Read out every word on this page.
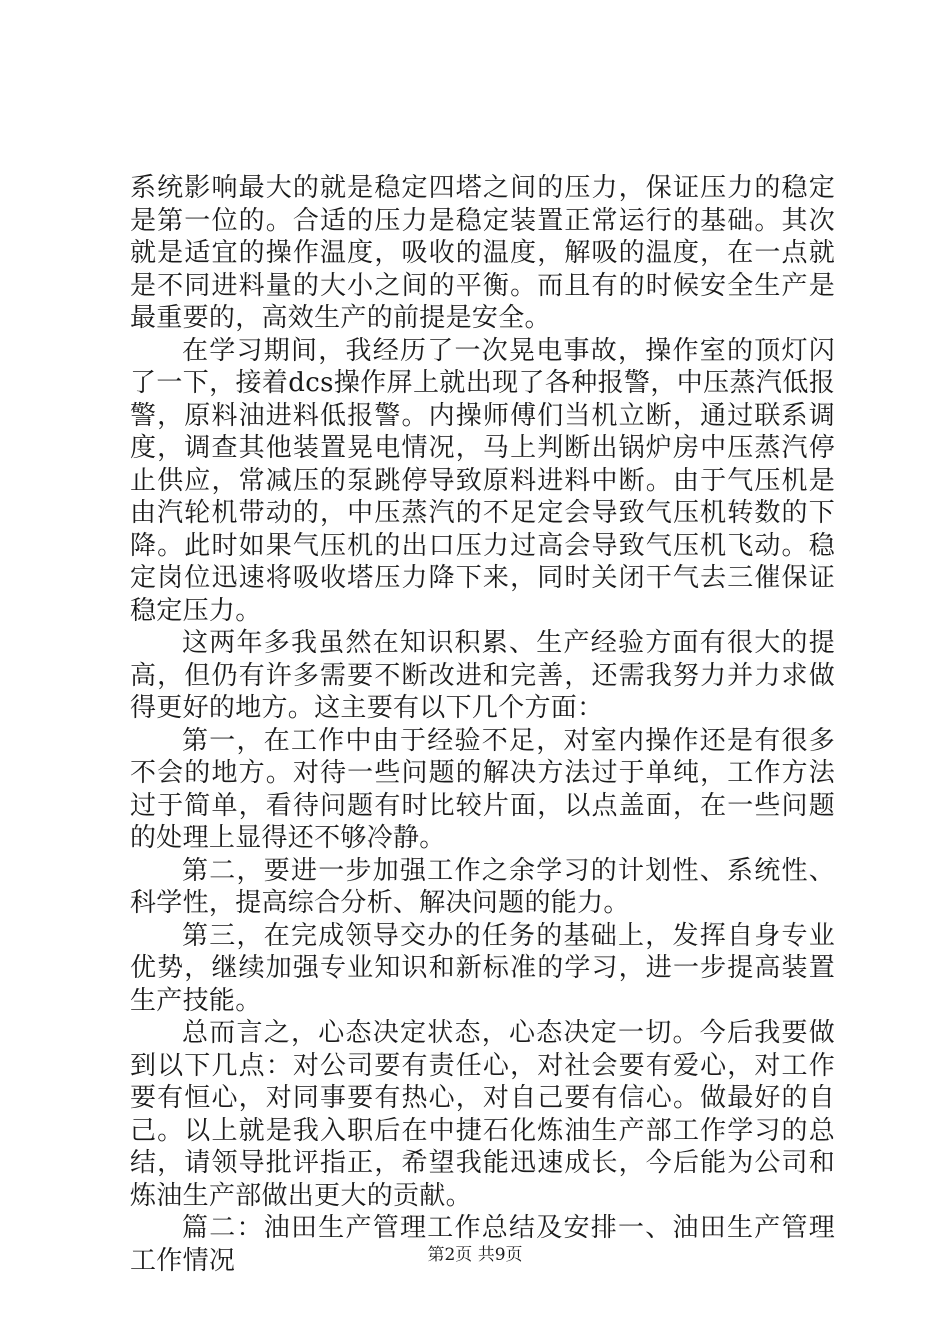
系统影响最大的就是稳定四塔之间的压力，保证压力的稳定是第一位的。合适的压力是稳定装置正常运行的基础。其次就是适宜的操作温度，吸收的温度，解吸的温度，在一点就是不同进料量的大小之间的平衡。而且有的时候安全生产是最重要的，高效生产的前提是安全。

在学习期间，我经历了一次晃电事故，操作室的顶灯闪了一下，接着dcs操作屏上就出现了各种报警，中压蒸汽低报警，原料油进料低报警。内操师傅们当机立断，通过联系调度，调查其他装置晃电情况，马上判断出锅炉房中压蒸汽停止供应，常减压的泵跳停导致原料进料中断。由于气压机是由汽轮机带动的，中压蒸汽的不足定会导致气压机转数的下降。此时如果气压机的出口压力过高会导致气压机飞动。稳定岗位迅速将吸收塔压力降下来，同时关闭干气去三催保证稳定压力。

这两年多我虽然在知识积累、生产经验方面有很大的提高，但仍有许多需要不断改进和完善，还需我努力并力求做得更好的地方。这主要有以下几个方面：

第一，在工作中由于经验不足，对室内操作还是有很多不会的地方。对待一些问题的解决方法过于单纯，工作方法过于简单，看待问题有时比较片面，以点盖面，在一些问题的处理上显得还不够冷静。

第二，要进一步加强工作之余学习的计划性、系统性、科学性，提高综合分析、解决问题的能力。

第三，在完成领导交办的任务的基础上，发挥自身专业优势，继续加强专业知识和新标准的学习，进一步提高装置生产技能。

总而言之，心态决定状态，心态决定一切。今后我要做到以下几点：对公司要有责任心，对社会要有爱心，对工作要有恒心，对同事要有热心，对自己要有信心。做最好的自己。以上就是我入职后在中捷石化炼油生产部工作学习的总结，请领导批评指正，希望我能迅速成长，今后能为公司和炼油生产部做出更大的贡献。

篇二：油田生产管理工作总结及安排一、油田生产管理工作情况	第2页 共9页
